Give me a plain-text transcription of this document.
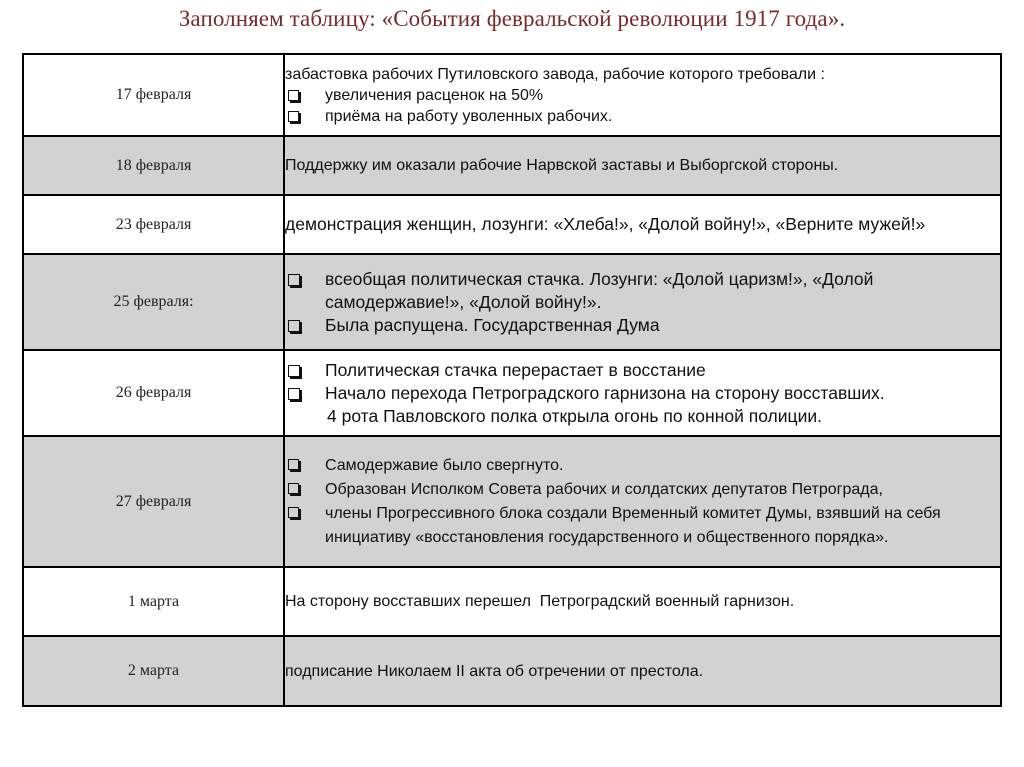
Заполняем таблицу: «События февральской революции 1917 года».
17 февраля	забастовка рабочих Путиловского завода, рабочие которого требовали :
увеличения расценок на 50%
приёма на работу уволенных рабочих.

18 февраля	Поддержку им оказали рабочие Нарвской заставы и Выборгской стороны.

23 февраля	демонстрация женщин, лозунги: «Хлеба!», «Долой войну!», «Верните мужей!»

25 февраля:	всеобщая политическая стачка. Лозунги: «Долой царизм!», «Долой самодержавие!», «Долой войну!».
Была распущена. Государственная Дума

26 февраля	Политическая стачка перерастает в восстание
Начало перехода Петроградского гарнизона на сторону восставших.
4 рота Павловского полка открыла огонь по конной полиции.

27 февраля	Самодержавие было свергнуто.
Образован Исполком Совета рабочих и солдатских депутатов Петрограда,
члены Прогрессивного блока создали Временный комитет Думы, взявший на себя инициативу «восстановления государственного и общественного порядка».

1 марта	На сторону восставших перешел  Петроградский военный гарнизон.

2 марта	подписание Николаем II акта об отречении от престола.
